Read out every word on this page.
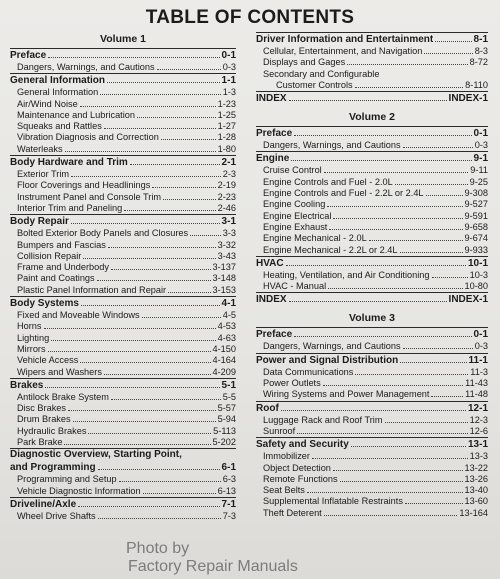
TABLE OF CONTENTS
Volume 1
Preface	0-1
Dangers, Warnings, and Cautions	0-3
General Information	1-1
General Information	1-3
Air/Wind Noise	1-23
Maintenance and Lubrication	1-25
Squeaks and Rattles	1-27
Vibration Diagnosis and Correction	1-28
Waterleaks	1-80
Body Hardware and Trim	2-1
Exterior Trim	2-3
Floor Coverings and Headlinings	2-19
Instrument Panel and Console Trim	2-23
Interior Trim and Paneling	2-46
Body Repair	3-1
Bolted Exterior Body Panels and Closures	3-3
Bumpers and Fascias	3-32
Collision Repair	3-43
Frame and Underbody	3-137
Paint and Coatings	3-148
Plastic Panel Information and Repair	3-153
Body Systems	4-1
Fixed and Moveable Windows	4-5
Horns	4-53
Lighting	4-63
Mirrors	4-150
Vehicle Access	4-164
Wipers and Washers	4-209
Brakes	5-1
Antilock Brake System	5-5
Disc Brakes	5-57
Drum Brakes	5-94
Hydraulic Brakes	5-113
Park Brake	5-202
Diagnostic Overview, Starting Point,
and Programming	6-1
Programming and Setup	6-3
Vehicle Diagnostic Information	6-13
Driveline/Axle	7-1
Wheel Drive Shafts	7-3
Driver Information and Entertainment	8-1
Cellular, Entertainment, and Navigation	8-3
Displays and Gages	8-72
Secondary and Configurable
Customer Controls	8-110
INDEX	INDEX-1
Volume 2
Preface	0-1
Dangers, Warnings, and Cautions	0-3
Engine	9-1
Cruise Control	9-11
Engine Controls and Fuel - 2.0L	9-25
Engine Controls and Fuel - 2.2L or 2.4L	9-308
Engine Cooling	9-527
Engine Electrical	9-591
Engine Exhaust	9-658
Engine Mechanical - 2.0L	9-674
Engine Mechanical - 2.2L or 2.4L	9-933
HVAC	10-1
Heating, Ventilation, and Air Conditioning	10-3
HVAC - Manual	10-80
INDEX	INDEX-1
Volume 3
Preface	0-1
Dangers, Warnings, and Cautions	0-3
Power and Signal Distribution	11-1
Data Communications	11-3
Power Outlets	11-43
Wiring Systems and Power Management	11-48
Roof	12-1
Luggage Rack and Roof Trim	12-3
Sunroof	12-6
Safety and Security	13-1
Immobilizer	13-3
Object Detection	13-22
Remote Functions	13-26
Seat Belts	13-40
Supplemental Inflatable Restraints	13-60
Theft Deterent	13-164
Photo by
Factory Repair Manuals
